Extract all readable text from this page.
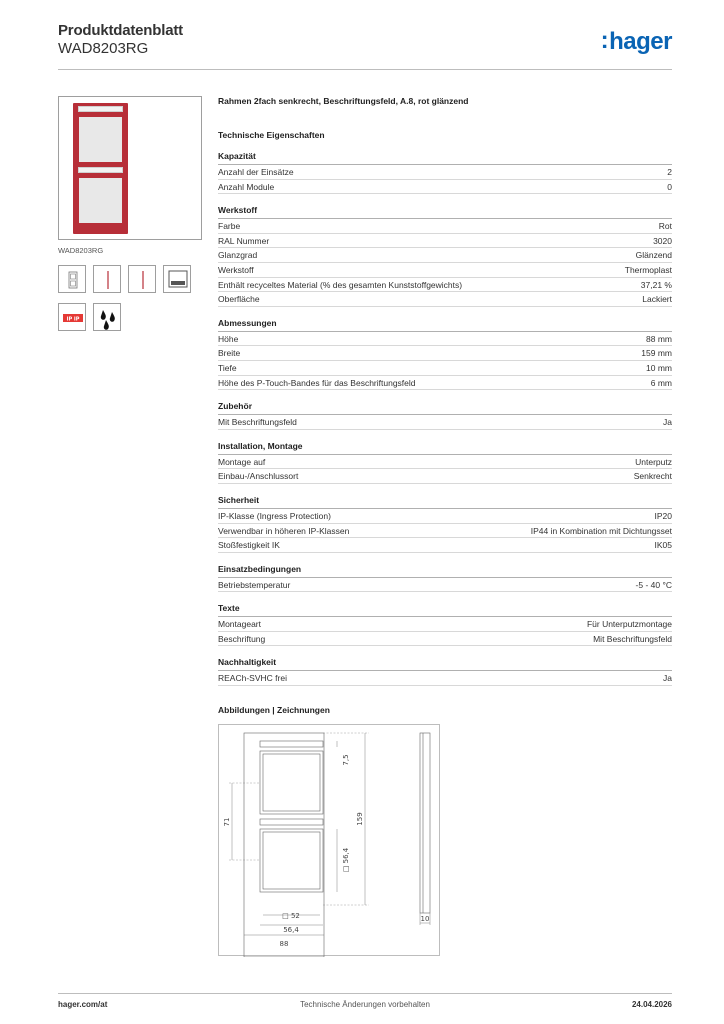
Produktdatenblatt
WAD8203RG	:hager
WAD8203RG
IP IP
Rahmen 2fach senkrecht, Beschriftungsfeld, A.8, rot glänzend
Technische Eigenschaften
Kapazität
Anzahl der Einsätze	2
Anzahl Module	0
Werkstoff
Farbe	Rot
RAL Nummer	3020
Glanzgrad	Glänzend
Werkstoff	Thermoplast
Enthält recyceltes Material (% des gesamten Kunststoffgewichts)	37,21 %
Oberfläche	Lackiert
Abmessungen
Höhe	88 mm
Breite	159 mm
Tiefe	10 mm
Höhe des P-Touch-Bandes für das Beschriftungsfeld	6 mm
Zubehör
Mit Beschriftungsfeld	Ja
Installation, Montage
Montage auf	Unterputz
Einbau-/Anschlussort	Senkrecht
Sicherheit
IP-Klasse (Ingress Protection)	IP20
Verwendbar in höheren IP-Klassen	IP44 in Kombination mit Dichtungsset
Stoßfestigkeit IK	IK05
Einsatzbedingungen
Betriebstemperatur	-5 - 40 °C
Texte
Montageart	Für Unterputzmontage
Beschriftung	Mit Beschriftungsfeld
Nachhaltigkeit
REACh-SVHC frei	Ja
Abbildungen | Zeichnungen
7,5
159
71
□ 56,4
□ 52
56,4
88
10
hager.com/at	Technische Änderungen vorbehalten	24.04.2026
